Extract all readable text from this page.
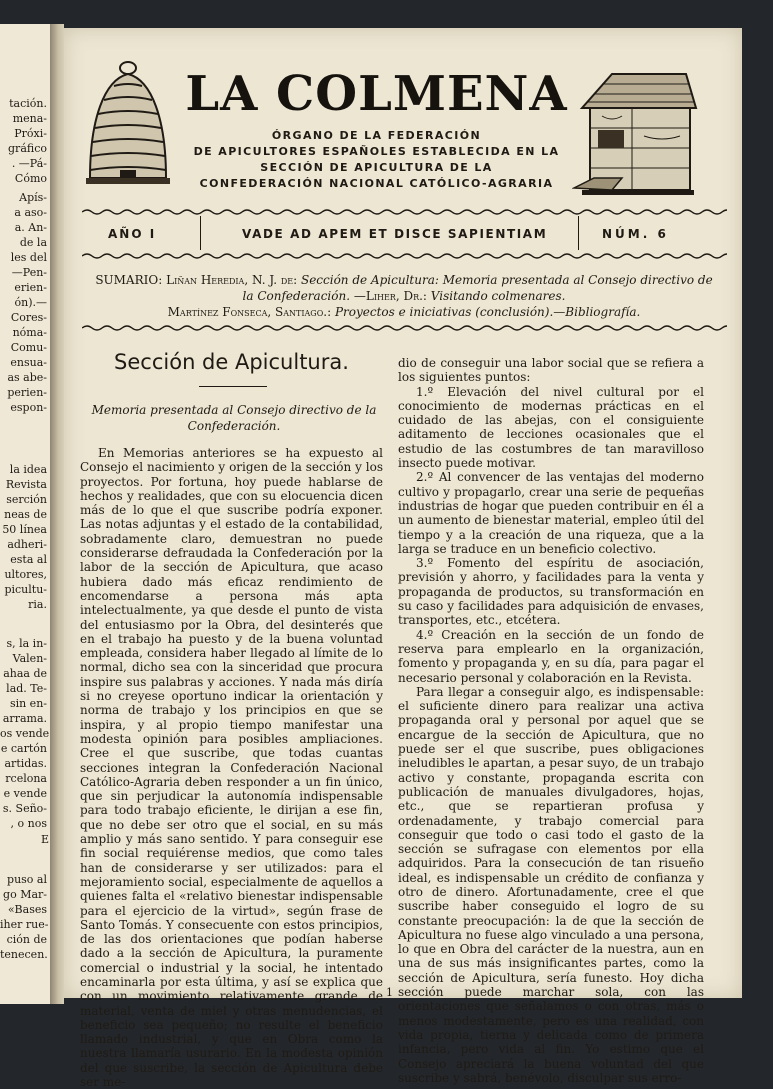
tación.
mena-
Próxi-
gráfico
. —Pá-
Cómo
Apís-
a aso-
a. An-
de la
les del
—Pen-
erien-
ón).—
Cores-
nóma-
Comu-
ensua-
as abe-
perien-
espon-
la idea
Revista
serción
neas de
50 línea
adheri-
esta al
ultores,
picultu-
ria.
s, la in-
Valen-
ahaa de
lad. Te-
sin en-
arrama.
os vende
e cartón
artidas.
rcelona
e vende
s. Seño-
, o nos
E
puso al
go Mar-
«Bases
iher rue-
ción de
tenecen.
LA COLMENA
ÓRGANO DE LA FEDERACIÓN
DE APICULTORES ESPAÑOLES ESTABLECIDA EN LA
SECCIÓN DE APICULTURA DE LA
CONFEDERACIÓN NACIONAL CATÓLICO-AGRARIA
AÑO I	VADE AD APEM ET DISCE SAPIENTIAM	NÚM. 6
SUMARIO: Liñan Heredia, N. J. de: Sección de Apicultura: Memoria presentada al Consejo directivo de la Confederación. —Liher, Dr.: Visitando colmenares.
Martínez Fonseca, Santiago.: Proyectos e iniciativas (conclusión).—Bibliografía.
Sección de Apicultura.
Memoria presentada al Consejo directivo de la Confederación.

En Memorias anteriores se ha expuesto al Consejo el nacimiento y origen de la sección y los proyectos. Por fortuna, hoy puede hablarse de hechos y realidades, que con su elocuencia dicen más de lo que el que suscribe podría exponer. Las notas adjuntas y el estado de la contabilidad, sobradamente claro, demuestran no puede considerarse defraudada la Confederación por la labor de la sección de Apicultura, que acaso hubiera dado más eficaz rendimiento de encomendarse a persona más apta intelectualmente, ya que desde el punto de vista del entusiasmo por la Obra, del desinterés que en el trabajo ha puesto y de la buena voluntad empleada, considera haber llegado al límite de lo normal, dicho sea con la sinceridad que procura inspire sus palabras y acciones. Y nada más diría si no creyese oportuno indicar la orientación y norma de trabajo y los principios en que se inspira, y al propio tiempo manifestar una modesta opinión para posibles ampliaciones. Cree el que suscribe, que todas cuantas secciones integran la Confederación Nacional Católico-Agraria deben responder a un fin único, que sin perjudicar la autonomía indispensable para todo trabajo eficiente, le dirijan a ese fin, que no debe ser otro que el social, en su más amplio y más sano sentido. Y para conseguir ese fin social requiérense medios, que como tales han de considerarse y ser utilizados: para el mejoramiento social, especialmente de aquellos a quienes falta el «relativo bienestar indispensable para el ejercicio de la virtud», según frase de Santo Tomás. Y consecuente con estos principios, de las dos orientaciones que podían haberse dado a la sección de Apicultura, la puramente comercial o industrial y la social, he intentado encaminarla por esta última, y así se explica que con un movimiento relativamente grande de material, venta de miel y otras menudencias, el beneficio sea pequeño; no resulte el beneficio llamado industrial, y que en Obra como la nuestra llamaría usurario. En la modesta opinión del que suscribe, la sección de Apicultura debe ser me-

dio de conseguir una labor social que se refiera a los siguientes puntos:

1.º Elevación del nivel cultural por el conocimiento de modernas prácticas en el cuidado de las abejas, con el consiguiente aditamento de lecciones ocasionales que el estudio de las costumbres de tan maravilloso insecto puede motivar.

2.º Al convencer de las ventajas del moderno cultivo y propagarlo, crear una serie de pequeñas industrias de hogar que pueden contribuir en él a un aumento de bienestar material, empleo útil del tiempo y a la creación de una riqueza, que a la larga se traduce en un beneficio colectivo.

3.º Fomento del espíritu de asociación, previsión y ahorro, y facilidades para la venta y propaganda de productos, su transformación en su caso y facilidades para adquisición de envases, transportes, etc., etcétera.

4.º Creación en la sección de un fondo de reserva para emplearlo en la organización, fomento y propaganda y, en su día, para pagar el necesario personal y colaboración en la Revista.

Para llegar a conseguir algo, es indispensable: el suficiente dinero para realizar una activa propaganda oral y personal por aquel que se encargue de la sección de Apicultura, que no puede ser el que suscribe, pues obligaciones ineludibles le apartan, a pesar suyo, de un trabajo activo y constante, propaganda escrita con publicación de manuales divulgadores, hojas, etc., que se repartieran profusa y ordenadamente, y trabajo comercial para conseguir que todo o casi todo el gasto de la sección se sufragase con elementos por ella adquiridos. Para la consecución de tan risueño ideal, es indispensable un crédito de confianza y otro de dinero. Afortunadamente, cree el que suscribe haber conseguido el logro de su constante preocupación: la de que la sección de Apicultura no fuese algo vinculado a una persona, lo que en Obra del carácter de la nuestra, aun en una de sus más insignificantes partes, como la sección de Apicultura, sería funesto. Hoy dicha sección puede marchar sola, con las orientaciones que señalamos o con otras, más o menos modestamente, pero es una realidad, con vida propia, tierna y delicada como de primera infancia, pero vida al fin. Yo estimo que el Consejo apreciará la buena voluntad del que suscribe y sabrá, benévolo, disculpar sus erro-

1
